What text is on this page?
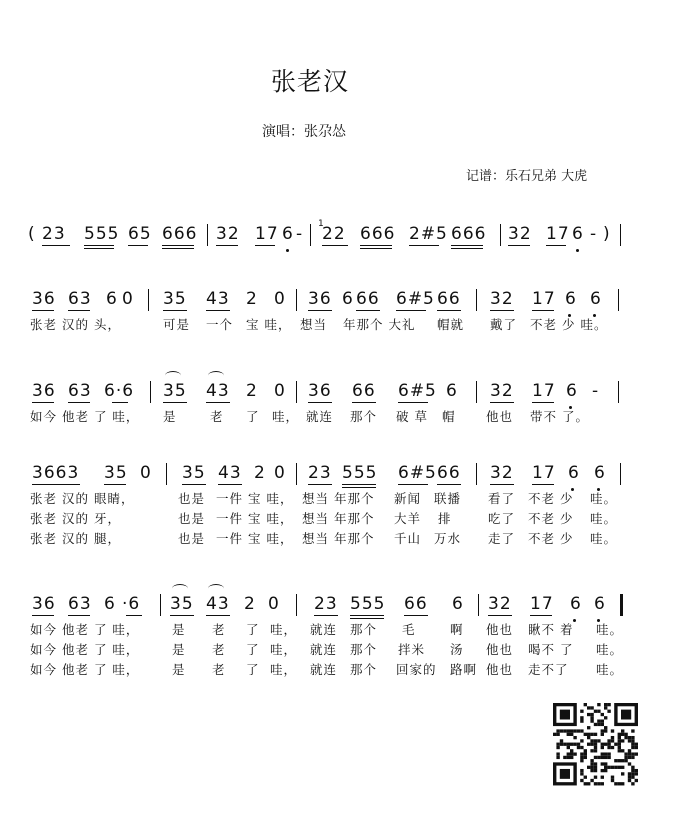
张老汉
演唱：张尕怂
记谱：乐石兄弟 大虎
( 23 555 65 666 32 17 6 - 1
22 666 2#5 666 32 17 6 - )
36 63 6 0 35 43 2 0 36 6 66 6#5 66 32 17 6 6
张老 汉的 头，	可是 一个 宝 哇， 想当 年那个 大礼 帽就 戴了 不老 少 哇。
36 63 6·6 35 43 2 0 36 66 6#5 6 32 17 6 -
如今 他老 了 哇， 是	老 了 哇， 就连 那个 破 草 帽 他也 带不 了。
3663 35 0 35 43 2 0 23 555 6#5 66 32 17 6 6
张老 汉的 眼睛，	也是 一件 宝 哇， 想当 年那个 新闻 联播 看了 不老 少 哇。
张老 汉的 牙，	也是 一件 宝 哇， 想当 年那个 大羊 排	吃了 不老 少 哇。
张老 汉的 腿，	也是 一件 宝 哇， 想当 年那个 千山 万水 走了 不老 少 哇。
36 63 6 ·6 35 43 2 0 23 555 66 6 32 17 6 6
如今 他老 了 哇，	是 老 了 哇， 就连 那个 毛	啊 他也 瞅不 着 哇。
如今 他老 了 哇，	是 老 了 哇， 就连 那个 拌米 汤 他也 喝不 了 哇。
如今 他老 了 哇，	是 老 了 哇， 就连 那个 回家的 路啊 他也 走不了 哇。
